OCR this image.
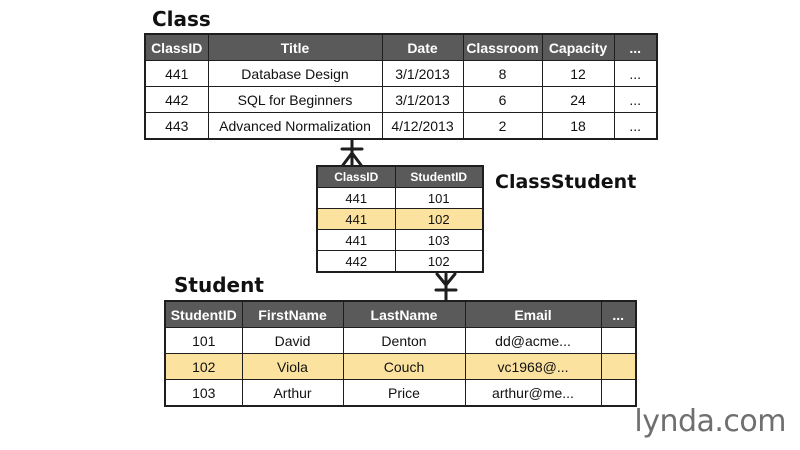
Class
ClassID	Title	Date	Classroom	Capacity	...
441	Database Design	3/1/2013	8	12	...
442	SQL for Beginners	3/1/2013	6	24	...
443	Advanced Normalization	4/12/2013	2	18	...
ClassStudent
ClassID	StudentID
441	101
441	102
441	103
442	102
Student
StudentID	FirstName	LastName	Email	...
101	David	Denton	dd@acme...	
102	Viola	Couch	vc1968@...	
103	Arthur	Price	arthur@me...	
lynda.com
